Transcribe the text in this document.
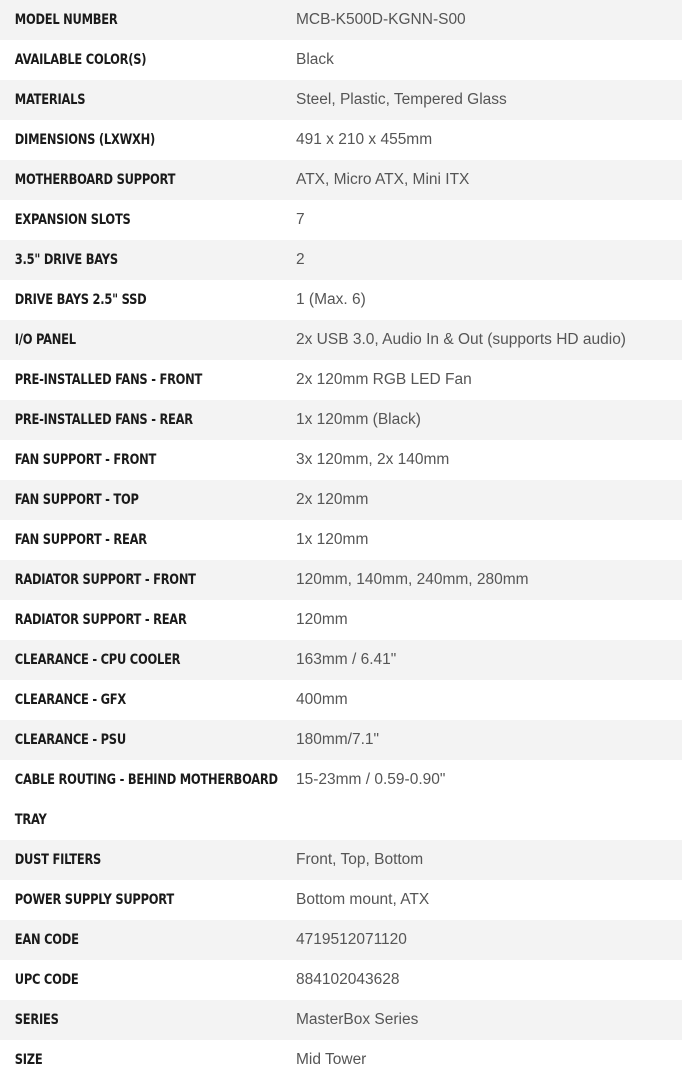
MODEL NUMBER	MCB-K500D-KGNN-S00

AVAILABLE COLOR(S)	Black

MATERIALS	Steel, Plastic, Tempered Glass

DIMENSIONS (LXWXH)	491 x 210 x 455mm

MOTHERBOARD SUPPORT	ATX, Micro ATX, Mini ITX

EXPANSION SLOTS	7

3.5" DRIVE BAYS	2

DRIVE BAYS 2.5" SSD	1 (Max. 6)

I/O PANEL	2x USB 3.0, Audio In & Out (supports HD audio)

PRE-INSTALLED FANS - FRONT	2x 120mm RGB LED Fan

PRE-INSTALLED FANS - REAR	1x 120mm (Black)

FAN SUPPORT - FRONT	3x 120mm, 2x 140mm

FAN SUPPORT - TOP	2x 120mm

FAN SUPPORT - REAR	1x 120mm

RADIATOR SUPPORT - FRONT	120mm, 140mm, 240mm, 280mm

RADIATOR SUPPORT - REAR	120mm

CLEARANCE - CPU COOLER	163mm / 6.41"

CLEARANCE - GFX	400mm

CLEARANCE - PSU	180mm/7.1"

CABLE ROUTING - BEHIND MOTHERBOARD TRAY	15-23mm / 0.59-0.90"

DUST FILTERS	Front, Top, Bottom

POWER SUPPLY SUPPORT	Bottom mount, ATX

EAN CODE	4719512071120

UPC CODE	884102043628

SERIES	MasterBox Series

SIZE	Mid Tower
